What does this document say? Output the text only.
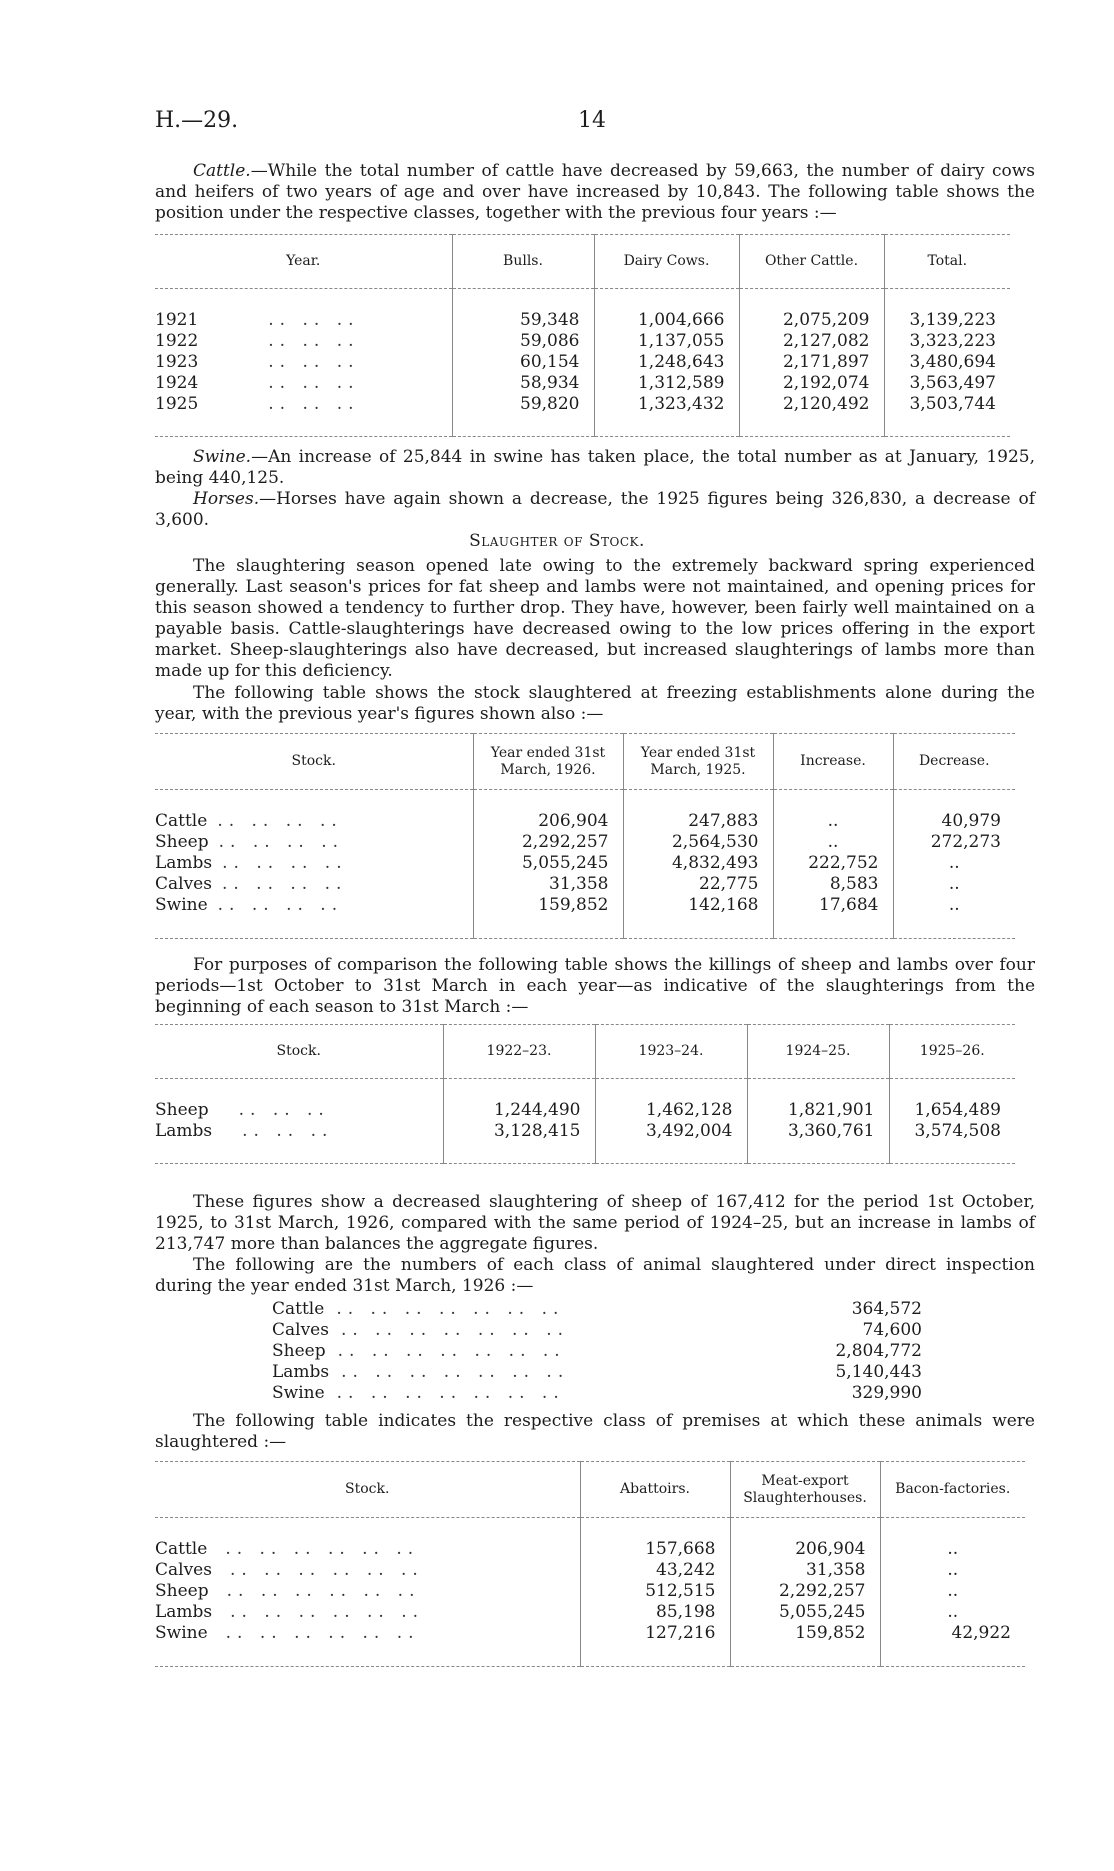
H.—29.	14

Cattle.—While the total number of cattle have decreased by 59,663, the number of dairy cows and heifers of two years of age and over have increased by 10,843. The following table shows the position under the respective classes, together with the previous four years :—

Year.	Bulls.	Dairy Cows.	Other Cattle.	Total.

1921 .. .. ..	59,348	1,004,666	2,075,209	3,139,223
1922 .. .. ..	59,086	1,137,055	2,127,082	3,323,223
1923 .. .. ..	60,154	1,248,643	2,171,897	3,480,694
1924 .. .. ..	58,934	1,312,589	2,192,074	3,563,497
1925 .. .. ..	59,820	1,323,432	2,120,492	3,503,744

Swine.—An increase of 25,844 in swine has taken place, the total number as at January, 1925, being 440,125.

Horses.—Horses have again shown a decrease, the 1925 figures being 326,830, a decrease of 3,600.

Slaughter of Stock.

The slaughtering season opened late owing to the extremely backward spring experienced generally. Last season's prices for fat sheep and lambs were not maintained, and opening prices for this season showed a tendency to further drop. They have, however, been fairly well maintained on a payable basis. Cattle-slaughterings have decreased owing to the low prices offering in the export market. Sheep-slaughterings also have decreased, but increased slaughterings of lambs more than made up for this deficiency.

The following table shows the stock slaughtered at freezing establishments alone during the year, with the previous year's figures shown also :—

Stock.	Year ended 31st March, 1926.	Year ended 31st March, 1925.	Increase.	Decrease.

Cattle .. .. .. ..	206,904	247,883	..	40,979
Sheep .. .. .. ..	2,292,257	2,564,530	..	272,273
Lambs .. .. .. ..	5,055,245	4,832,493	222,752	..
Calves .. .. .. ..	31,358	22,775	8,583	..
Swine .. .. .. ..	159,852	142,168	17,684	..

For purposes of comparison the following table shows the killings of sheep and lambs over four periods—1st October to 31st March in each year—as indicative of the slaughterings from the beginning of each season to 31st March :—

Stock.	1922–23.	1923–24.	1924–25.	1925–26.

Sheep .. .. ..	1,244,490	1,462,128	1,821,901	1,654,489
Lambs .. .. ..	3,128,415	3,492,004	3,360,761	3,574,508

These figures show a decreased slaughtering of sheep of 167,412 for the period 1st October, 1925, to 31st March, 1926, compared with the same period of 1924–25, but an increase in lambs of 213,747 more than balances the aggregate figures.

The following are the numbers of each class of animal slaughtered under direct inspection during the year ended 31st March, 1926 :—

Cattle .. .. .. .. .. .. ..	364,572
Calves .. .. .. .. .. .. ..	74,600
Sheep .. .. .. .. .. .. ..	2,804,772
Lambs .. .. .. .. .. .. ..	5,140,443
Swine .. .. .. .. .. .. ..	329,990

The following table indicates the respective class of premises at which these animals were slaughtered :—

Stock.	Abattoirs.	Meat-export Slaughterhouses.	Bacon-factories.

Cattle .. .. .. .. .. ..	157,668	206,904	..
Calves .. .. .. .. .. ..	43,242	31,358	..
Sheep .. .. .. .. .. ..	512,515	2,292,257	..
Lambs .. .. .. .. .. ..	85,198	5,055,245	..
Swine .. .. .. .. .. ..	127,216	159,852	42,922
